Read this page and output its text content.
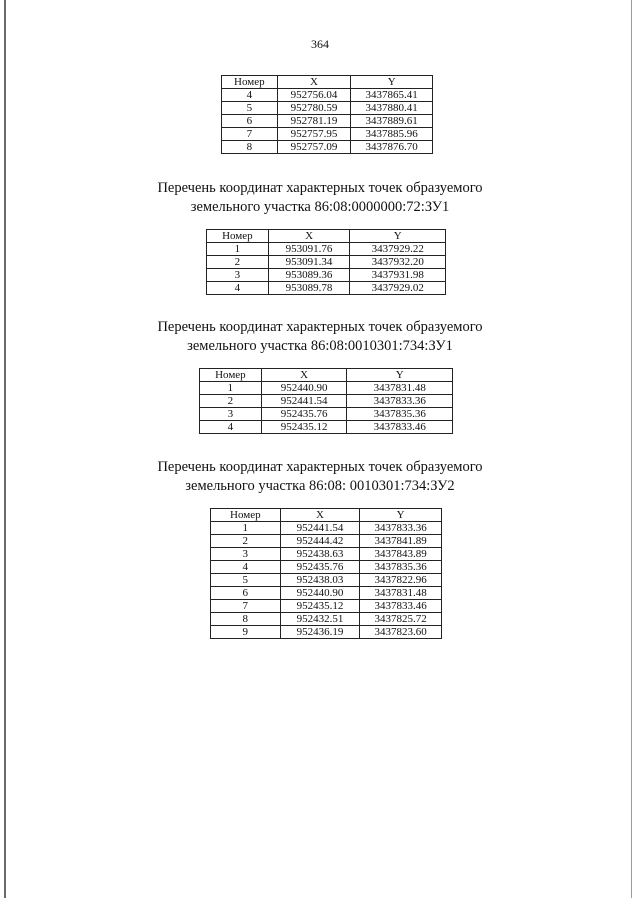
364
Номер	X	Y
4	952756.04	3437865.41
5	952780.59	3437880.41
6	952781.19	3437889.61
7	952757.95	3437885.96
8	952757.09	3437876.70
Перечень координат характерных точек образуемого
земельного участка 86:08:0000000:72:ЗУ1
Номер	X	Y
1	953091.76	3437929.22
2	953091.34	3437932.20
3	953089.36	3437931.98
4	953089.78	3437929.02
Перечень координат характерных точек образуемого
земельного участка 86:08:0010301:734:ЗУ1
Номер	X	Y
1	952440.90	3437831.48
2	952441.54	3437833.36
3	952435.76	3437835.36
4	952435.12	3437833.46
Перечень координат характерных точек образуемого
земельного участка 86:08: 0010301:734:ЗУ2
Номер	X	Y
1	952441.54	3437833.36
2	952444.42	3437841.89
3	952438.63	3437843.89
4	952435.76	3437835.36
5	952438.03	3437822.96
6	952440.90	3437831.48
7	952435.12	3437833.46
8	952432.51	3437825.72
9	952436.19	3437823.60
